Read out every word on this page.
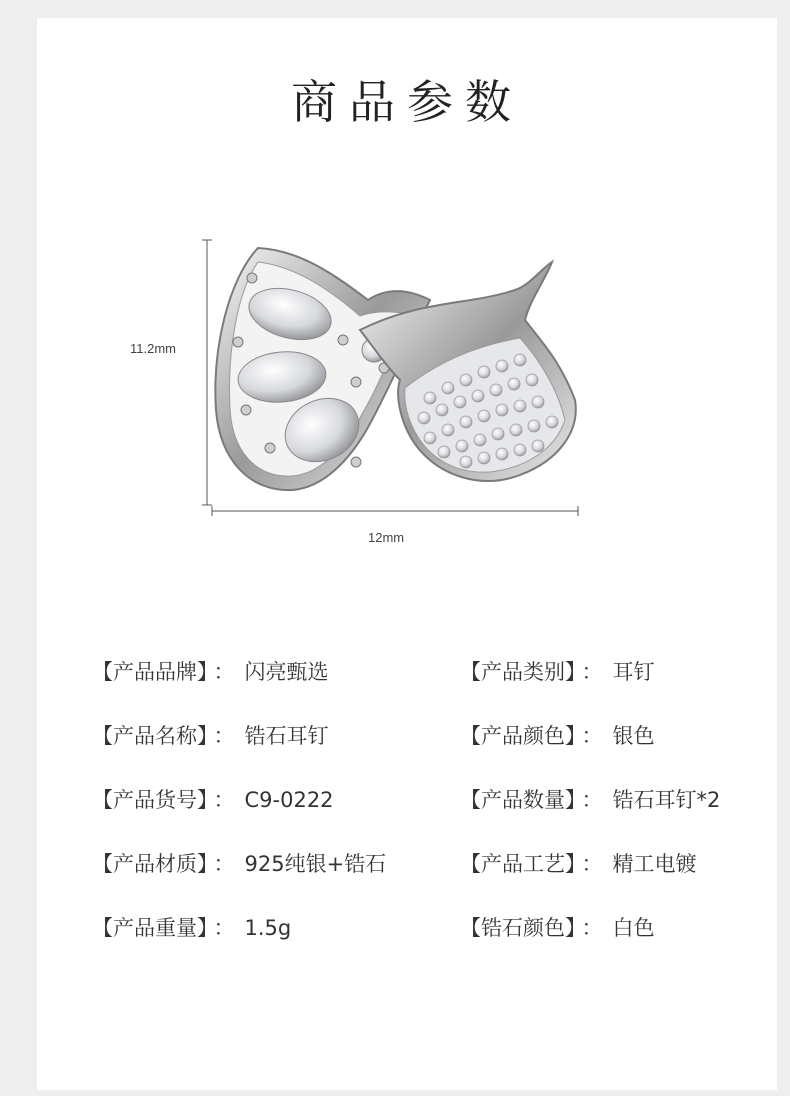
商品参数
11.2mm
12mm
【 产品品牌 】 ： 闪亮甄选
【 产品名称 】 ： 锆石耳钉
【 产品货号 】 ： C9-0222
【 产品材质 】 ： 925纯银+锆石
【 产品重量 】 ： 1.5g
【 产品类别 】 ： 耳钉
【 产品颜色 】 ： 银色
【 产品数量 】 ： 锆石耳钉*2
【 产品工艺 】 ： 精工电镀
【 锆石颜色 】 ： 白色
